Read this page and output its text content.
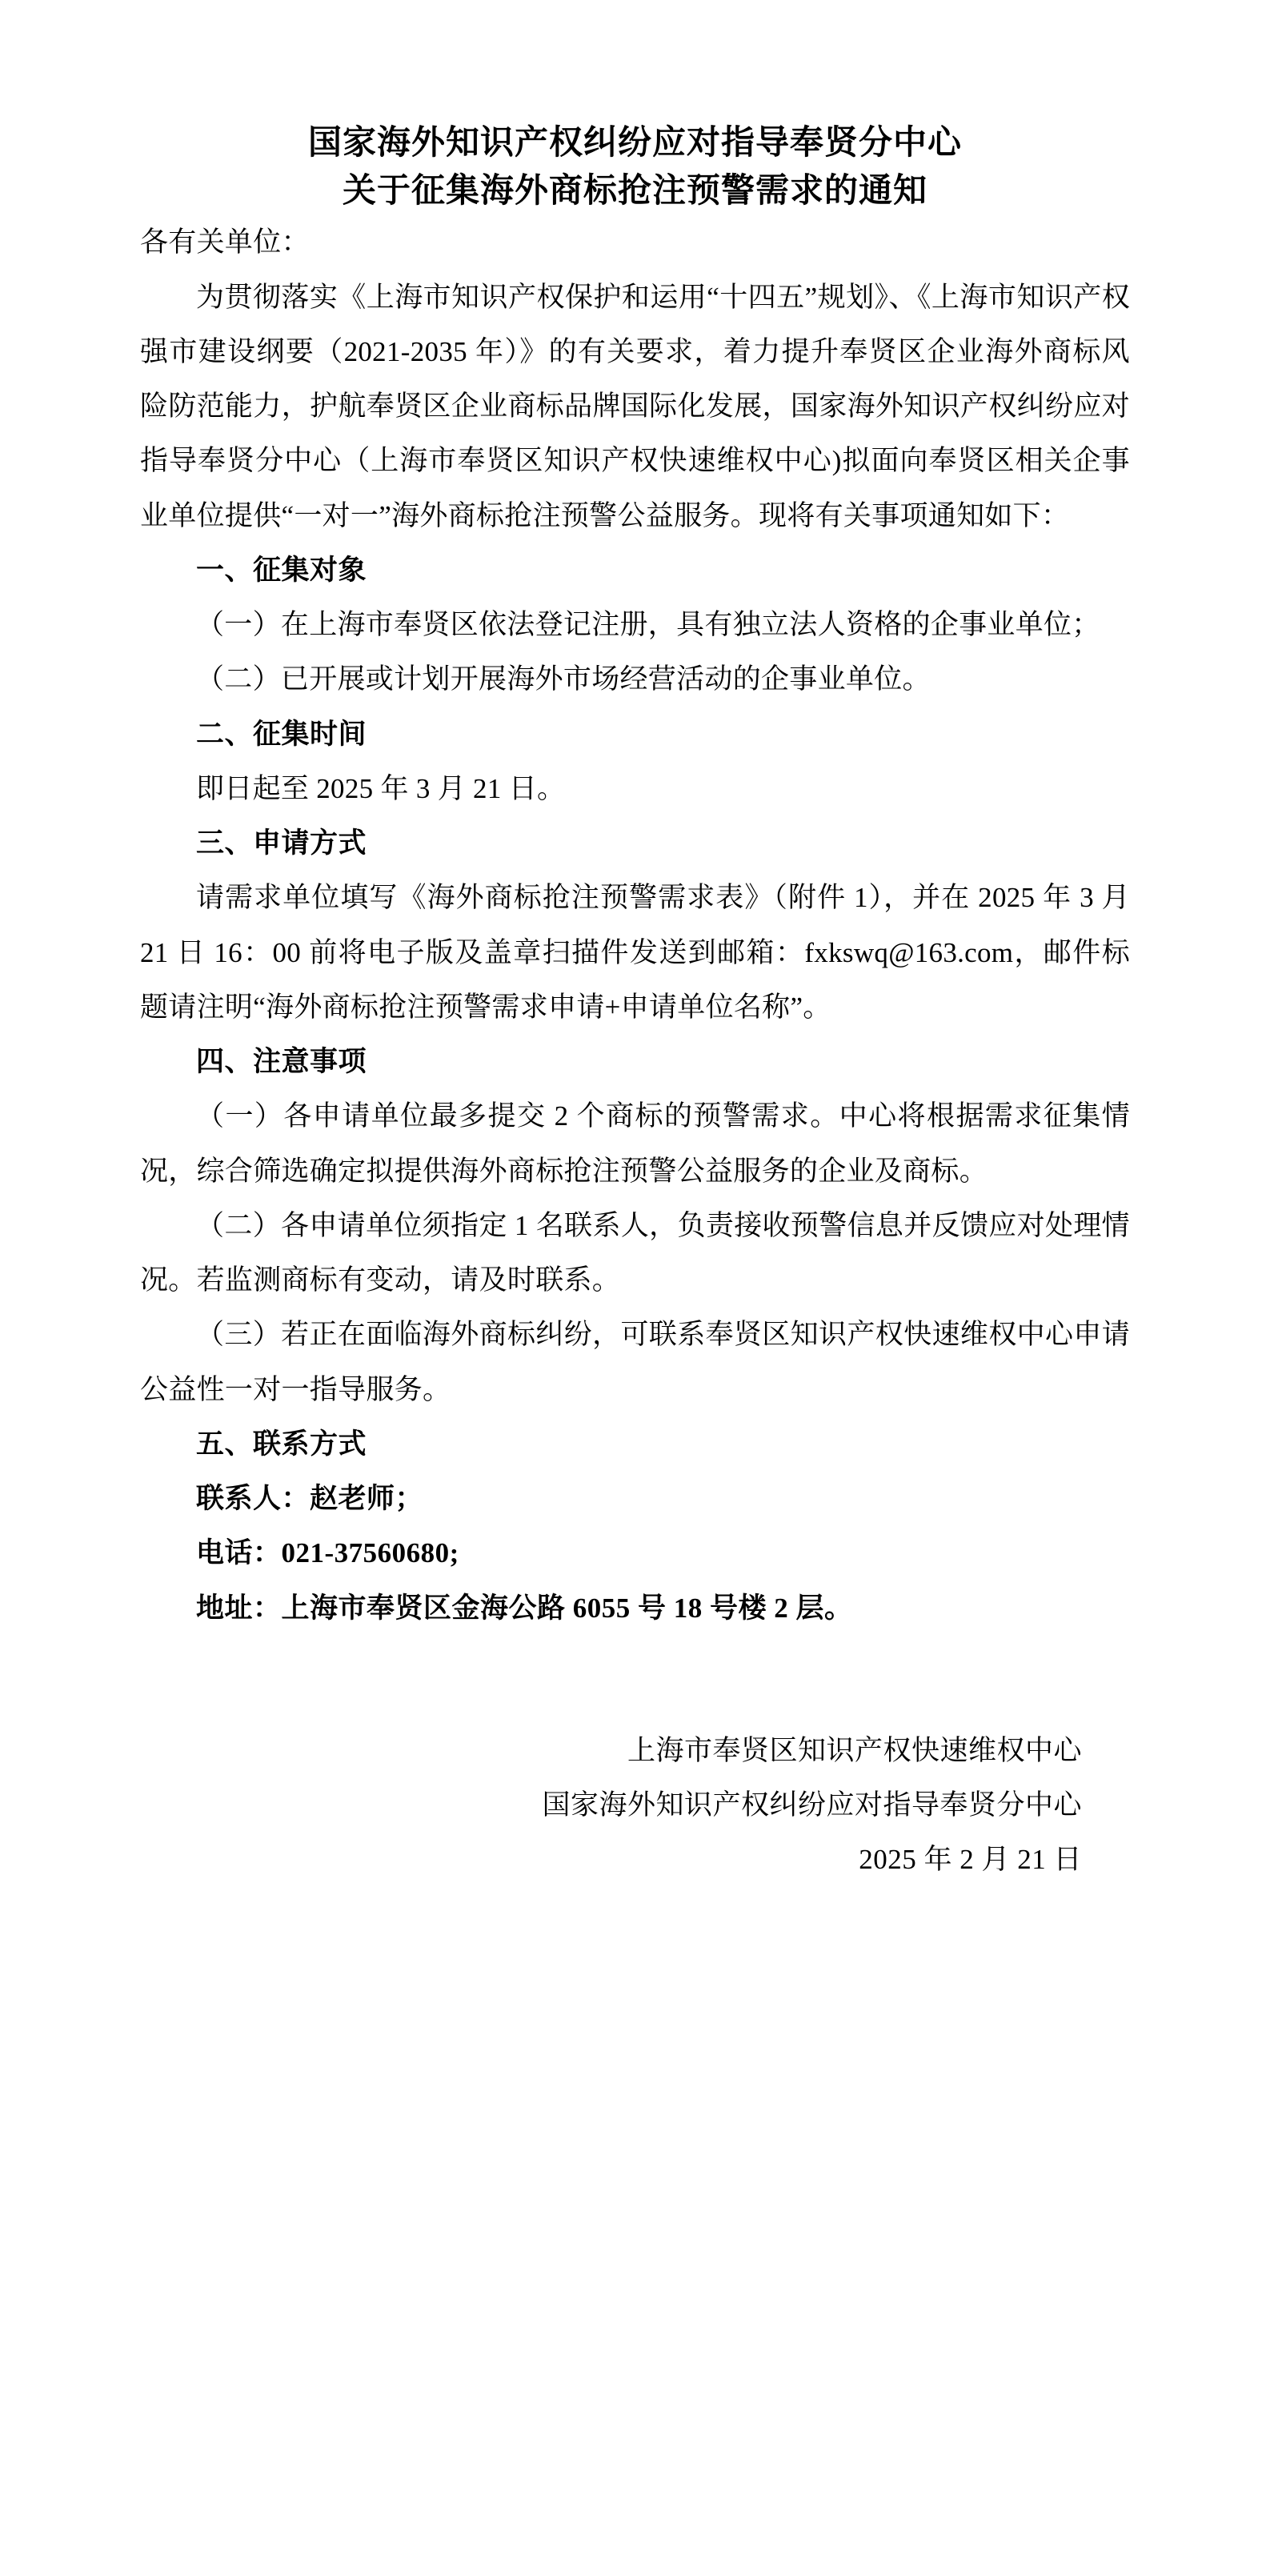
国家海外知识产权纠纷应对指导奉贤分中心
关于征集海外商标抢注预警需求的通知

各有关单位：

为贯彻落实《上海市知识产权保护和运用“十四五”规划》、《上海市知识产权强市建设纲要（2021-2035 年）》的有关要求，着力提升奉贤区企业海外商标风险防范能力，护航奉贤区企业商标品牌国际化发展，国家海外知识产权纠纷应对指导奉贤分中心（上海市奉贤区知识产权快速维权中心)拟面向奉贤区相关企事业单位提供“一对一”海外商标抢注预警公益服务。现将有关事项通知如下：

一、征集对象

（一）在上海市奉贤区依法登记注册，具有独立法人资格的企事业单位；

（二）已开展或计划开展海外市场经营活动的企事业单位。

二、征集时间

即日起至 2025 年 3 月 21 日。

三、申请方式

请需求单位填写《海外商标抢注预警需求表》（附件 1），并在 2025 年 3 月 21 日 16：00 前将电子版及盖章扫描件发送到邮箱：fxkswq@163.com，邮件标题请注明“海外商标抢注预警需求申请+申请单位名称”。

四、注意事项

（一）各申请单位最多提交 2 个商标的预警需求。中心将根据需求征集情况，综合筛选确定拟提供海外商标抢注预警公益服务的企业及商标。

（二）各申请单位须指定 1 名联系人，负责接收预警信息并反馈应对处理情况。若监测商标有变动，请及时联系。

（三）若正在面临海外商标纠纷，可联系奉贤区知识产权快速维权中心申请公益性一对一指导服务。

五、联系方式

联系人：赵老师；

电话：021-37560680;

地址：上海市奉贤区金海公路 6055 号 18 号楼 2 层。

上海市奉贤区知识产权快速维权中心
国家海外知识产权纠纷应对指导奉贤分中心
2025 年 2 月 21 日
